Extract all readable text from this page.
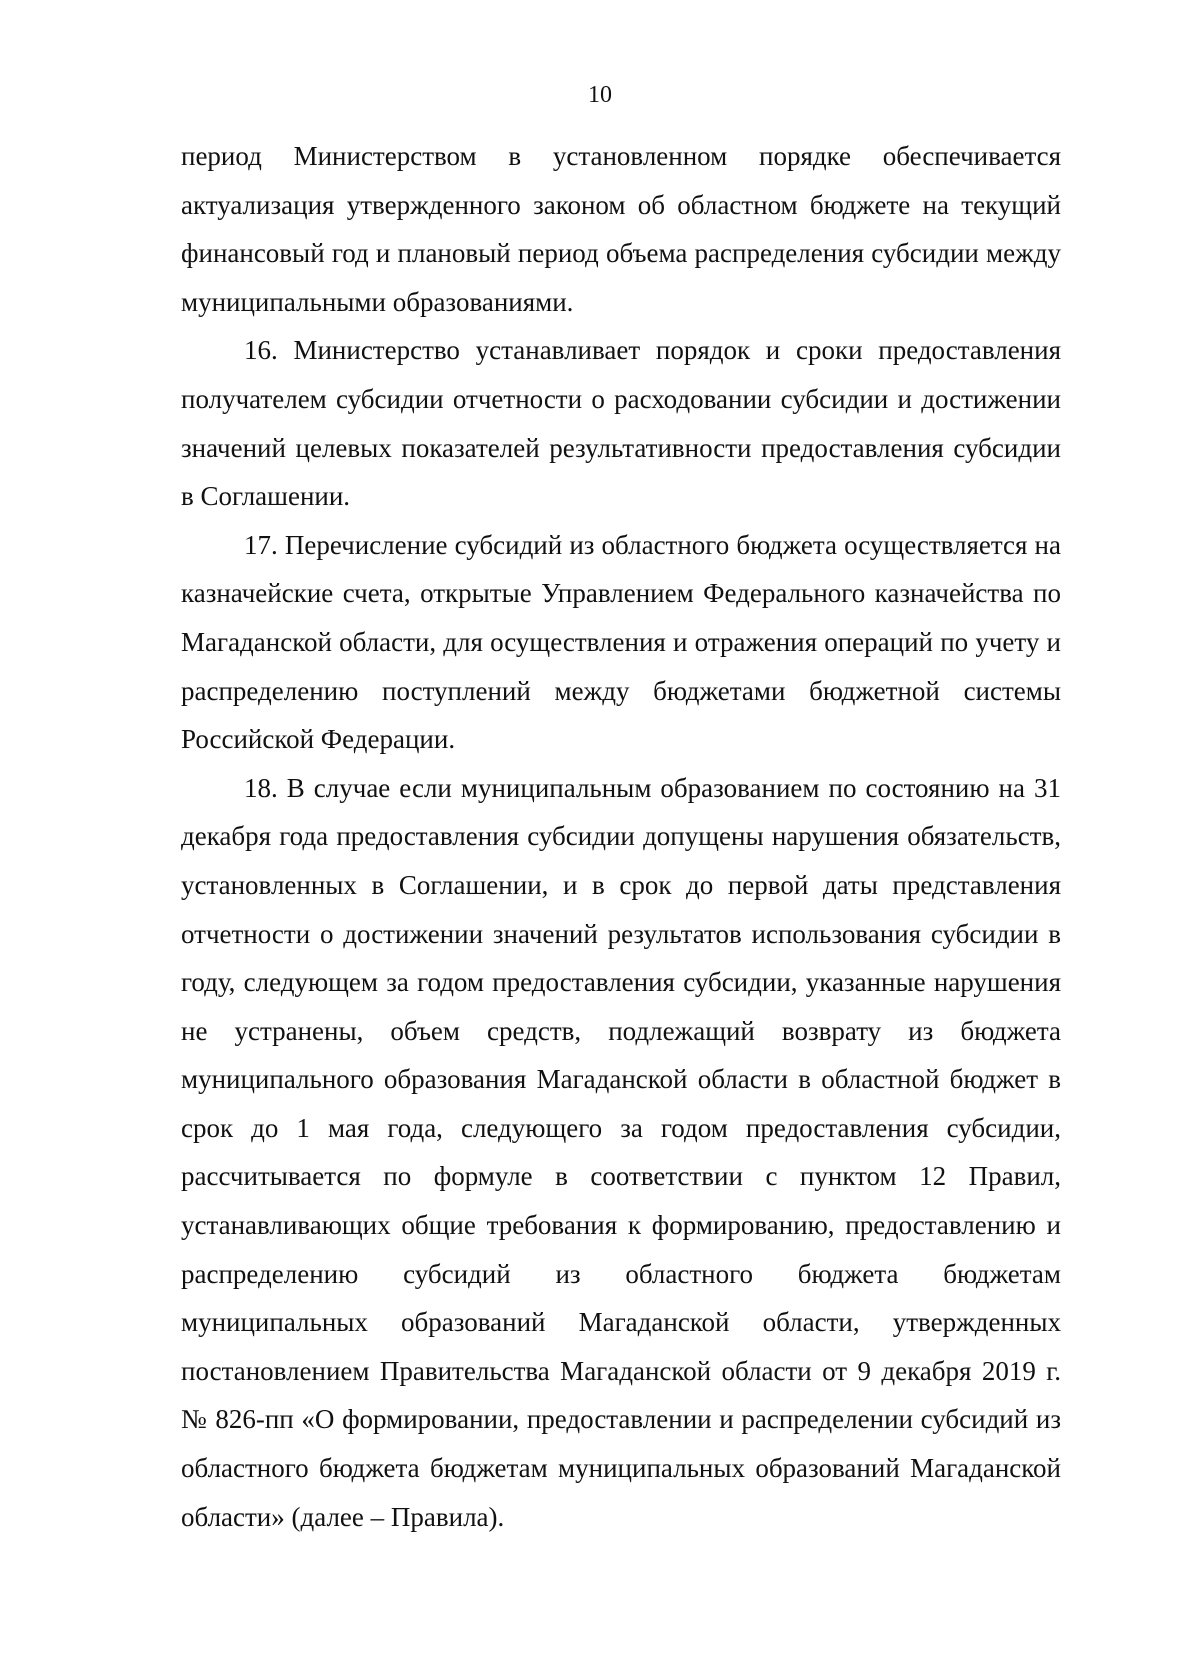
10

период Министерством в установленном порядке обеспечивается актуализация утвержденного законом об областном бюджете на текущий финансовый год и плановый период объема распределения субсидии между муниципальными образованиями.

16. Министерство устанавливает порядок и сроки предоставления получателем субсидии отчетности о расходовании субсидии и достижении значений целевых показателей результативности предоставления субсидии в Соглашении.

17. Перечисление субсидий из областного бюджета осуществляется на казначейские счета, открытые Управлением Федерального казначейства по Магаданской области, для осуществления и отражения операций по учету и распределению поступлений между бюджетами бюджетной системы Российской Федерации.

18. В случае если муниципальным образованием по состоянию на 31 декабря года предоставления субсидии допущены нарушения обязательств, установленных в Соглашении, и в срок до первой даты представления отчетности о достижении значений результатов использования субсидии в году, следующем за годом предоставления субсидии, указанные нарушения не устранены, объем средств, подлежащий возврату из бюджета муниципального образования Магаданской области в областной бюджет в срок до 1 мая года, следующего за годом предоставления субсидии, рассчитывается по формуле в соответствии с пунктом 12 Правил, устанавливающих общие требования к формированию, предоставлению и распределению субсидий из областного бюджета бюджетам муниципальных образований Магаданской области, утвержденных постановлением Правительства Магаданской области от 9 декабря 2019 г. № 826-пп «О формировании, предоставлении и распределении субсидий из областного бюджета бюджетам муниципальных образований Магаданской области» (далее – Правила).
